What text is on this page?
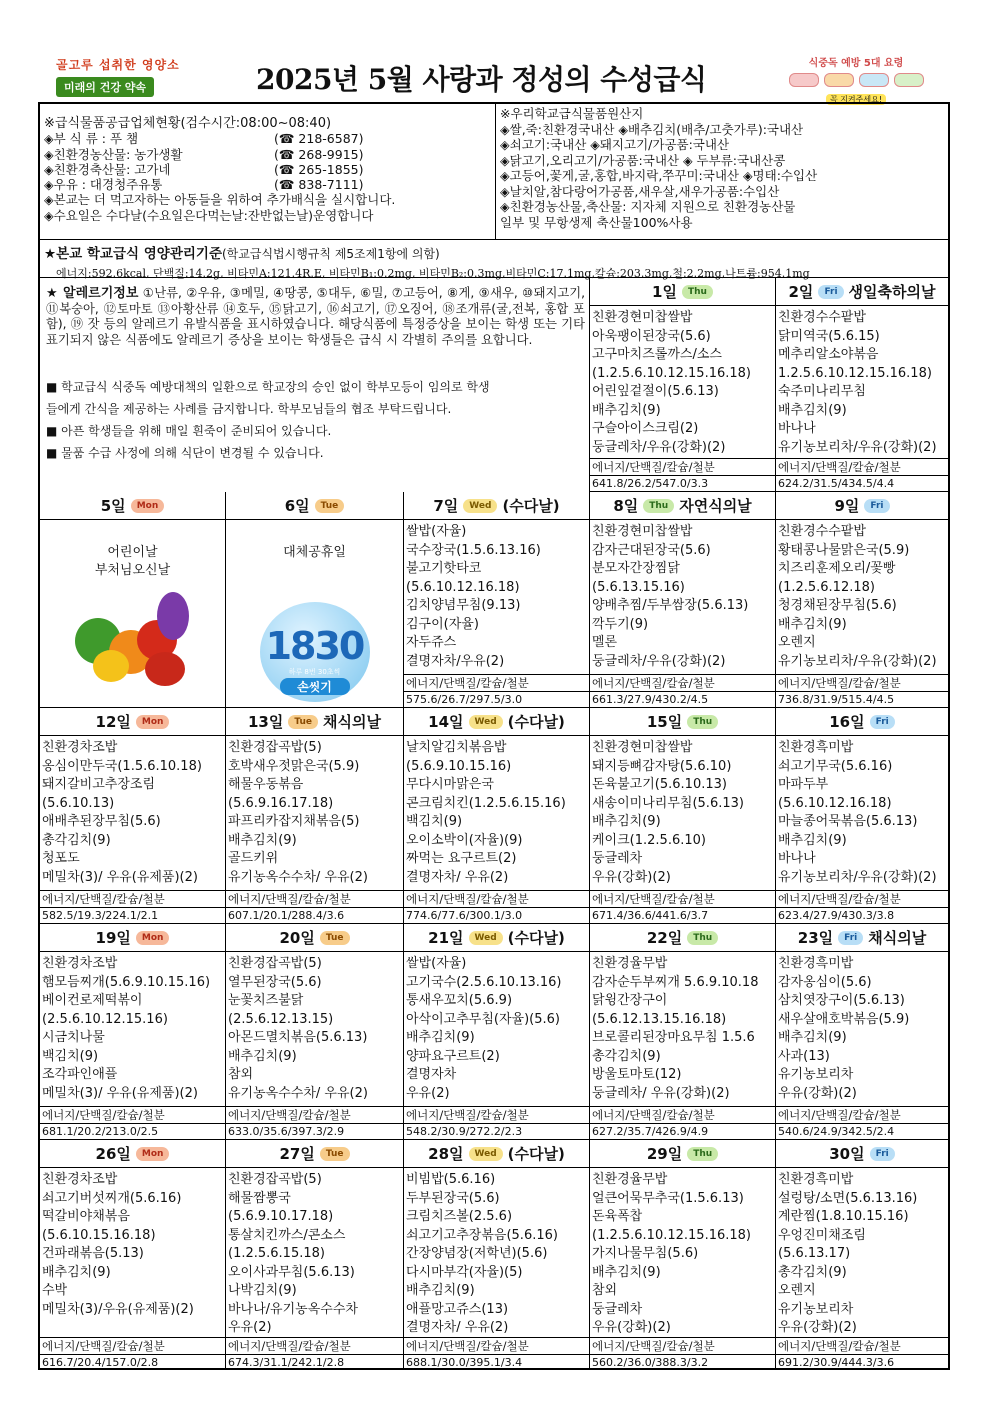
골고루 섭취한 영양소
미래의 건강 약속	2025년 5월 사랑과 정성의 수성급식	식중독 예방 5대 요령
꼭 지켜주세요!
※급식물품공급업체현황(검수시간:08:00~08:40)
◈부 식 류 : 푸 챔	(☎ 218-6587)
◈친환경농산물: 농가생활	(☎ 268-9915)
◈친환경축산물: 고가네	(☎ 265-1855)
◈우유 : 대경청주유통	(☎ 838-7111)
◈본교는 더 먹고자하는 아동들을 위하여 추가배식을 실시합니다.
◈수요일은 수다날(수요일은다먹는날:잔반없는날)운영합니다
※우리학교급식물품원산지
◈쌀,죽:친환경국내산 ◈배추김치(배추/고춧가루):국내산
◈쇠고기:국내산 ◈돼지고기/가공품:국내산
◈닭고기,오리고기/가공품:국내산 ◈ 두부류:국내산콩
◈고등어,꽃게,굴,홍합,바지락,쭈꾸미:국내산 ◈명태:수입산
◈날치알,참다랑어가공품,새우살,새우가공품:수입산
◈친환경농산물,축산물: 지자체 지원으로 친환경농산물
일부 및 무항생제 축산물100%사용
★본교 학교급식 영양관리기준(학교급식법시행규칙 제5조제1항에 의함)
에너지:592.6kcal, 단백질:14.2g, 비타민A:121.4R.E, 비타민B₁:0.2mg, 비타민B₂:0.3mg,비타민C:17.1mg,칼슘:203.3mg,철:2.2mg,나트륨:954.1mg
★ 알레르기정보 ①난류, ②우유, ③메밀, ④땅콩, ⑤대두, ⑥밀, ⑦고등어, ⑧게, ⑨새우, ⑩돼지고기, ⑪복숭아, ⑫토마토 ⑬아황산류 ⑭호두, ⑮닭고기, ⑯쇠고기, ⑰오징어, ⑱조개류(굴,전복, 홍합 포함), ⑲ 잣 등의 알레르기 유발식품을 표시하였습니다. 해당식품에 특정증상을 보이는 학생 또는 기타 표기되지 않은 식품에도 알레르기 증상을 보이는 학생들은 급식 시 각별히 주의를 요합니다.
■ 학교급식 식중독 예방대책의 일환으로 학교장의 승인 없이 학부모등이 임의로 학생
들에게 간식을 제공하는 사례를 금지합니다. 학부모님들의 협조 부탁드립니다.
■ 아픈 학생들을 위해 매일 흰죽이 준비되어 있습니다.
■ 물품 수급 사정에 의해 식단이 변경될 수 있습니다.
1일	Thu
친환경현미찹쌀밥
아욱팽이된장국(5.6)
고구마치즈롤까스/소스
(1.2.5.6.10.12.15.16.18)
어린잎겉절이(5.6.13)
배추김치(9)
구슬아이스크림(2)
둥글레차/우유(강화)(2)
에너지/단백질/칼슘/철분
641.8/26.2/547.0/3.3
2일	Fri 생일축하의날
친환경수수팥밥
닭미역국(5.6.15)
메추리알소야볶음
1.2.5.6.10.12.15.16.18)
숙주미나리무침
배추김치(9)
바나나
유기농보리차/우유(강화)(2)
에너지/단백질/칼슘/철분
624.2/31.5/434.5/4.4
5일	Mon
어린이날
부처님오신날
6일	Tue
대체공휴일
1830
하루 8번 30초씩
손씻기
7일	Wed (수다날)
쌀밥(자율)
국수장국(1.5.6.13.16)
불고기핫타코
(5.6.10.12.16.18)
김치양념무침(9.13)
김구이(자율)
자두쥬스
결명자차/우유(2)
에너지/단백질/칼슘/철분
575.6/26.7/297.5/3.0
8일	Thu 자연식의날
친환경현미찹쌀밥
감자근대된장국(5.6)
분모자간장찜닭
(5.6.13.15.16)
양배추찜/두부쌈장(5.6.13)
깍두기(9)
멜론
둥글레차/우유(강화)(2)
에너지/단백질/칼슘/철분
661.3/27.9/430.2/4.5
9일	Fri
친환경수수팥밥
황태콩나물맑은국(5.9)
치즈리훈제오리/꽃빵
(1.2.5.6.12.18)
청경채된장무침(5.6)
배추김치(9)
오렌지
유기농보리차/우유(강화)(2)
에너지/단백질/칼슘/철분
736.8/31.9/515.4/4.5
12일	Mon
친환경차조밥
옹심이만두국(1.5.6.10.18)
돼지갈비고추장조림
(5.6.10.13)
애배추된장무침(5.6)
총각김치(9)
청포도
메밀차(3)/ 우유(유제품)(2)
에너지/단백질/칼슘/철분
582.5/19.3/224.1/2.1
13일	Tue 채식의날
친환경잡곡밥(5)
호박새우젓맑은국(5.9)
해물우동볶음
(5.6.9.16.17.18)
파프리카잡지채볶음(5)
배추김치(9)
골드키위
유기농옥수수차/ 우유(2)
에너지/단백질/칼슘/철분
607.1/20.1/288.4/3.6
14일	Wed (수다날)
날치알김치볶음밥
(5.6.9.10.15.16)
무다시마맑은국
콘크림치킨(1.2.5.6.15.16)
백김치(9)
오이소박이(자율)(9)
짜먹는 요구르트(2)
결명자차/ 우유(2)
에너지/단백질/칼슘/철분
774.6/77.6/300.1/3.0
15일	Thu
친환경현미찹쌀밥
돼지등뼈감자탕(5.6.10)
돈육불고기(5.6.10.13)
새송이미나리무침(5.6.13)
배추김치(9)
케이크(1.2.5.6.10)
둥글레차
우유(강화)(2)
에너지/단백질/칼슘/철분
671.4/36.6/441.6/3.7
16일	Fri
친환경흑미밥
쇠고기무국(5.6.16)
마파두부
(5.6.10.12.16.18)
마늘종어묵볶음(5.6.13)
배추김치(9)
바나나
유기농보리차/우유(강화)(2)
에너지/단백질/칼슘/철분
623.4/27.9/430.3/3.8
19일	Mon
친환경차조밥
햄모듬찌개(5.6.9.10.15.16)
베이컨로제떡볶이
(2.5.6.10.12.15.16)
시금치나물
백김치(9)
조각파인애플
메밀차(3)/ 우유(유제품)(2)
에너지/단백질/칼슘/철분
681.1/20.2/213.0/2.5
20일	Tue
친환경잡곡밥(5)
열무된장국(5.6)
눈꽃치즈불닭
(2.5.6.12.13.15)
아몬드멸치볶음(5.6.13)
배추김치(9)
참외
유기농옥수수차/ 우유(2)
에너지/단백질/칼슘/철분
633.0/35.6/397.3/2.9
21일	Wed (수다날)
쌀밥(자율)
고기국수(2.5.6.10.13.16)
통새우꼬치(5.6.9)
아삭이고추무침(자율)(5.6)
배추김치(9)
양파요구르트(2)
결명자차
우유(2)
에너지/단백질/칼슘/철분
548.2/30.9/272.2/2.3
22일	Thu
친환경율무밥
감자순두부찌개 5.6.9.10.18
닭윙간장구이
(5.6.12.13.15.16.18)
브로콜리된장마요무침 1.5.6
총각김치(9)
방울토마토(12)
둥글레차/ 우유(강화)(2)
에너지/단백질/칼슘/철분
627.2/35.7/426.9/4.9
23일	Fri 채식의날
친환경흑미밥
감자옹심이(5.6)
삼치엿장구이(5.6.13)
새우살애호박볶음(5.9)
배추김치(9)
사과(13)
유기농보리차
우유(강화)(2)
에너지/단백질/칼슘/철분
540.6/24.9/342.5/2.4
26일	Mon
친환경차조밥
쇠고기버섯찌개(5.6.16)
떡갈비야채볶음
(5.6.10.15.16.18)
건파래볶음(5.13)
배추김치(9)
수박
메밀차(3)/우유(유제품)(2)
에너지/단백질/칼슘/철분
616.7/20.4/157.0/2.8
27일	Tue
친환경잡곡밥(5)
해물짬뽕국
(5.6.9.10.17.18)
통살치킨까스/콘소스
(1.2.5.6.15.18)
오이사과무침(5.6.13)
나박김치(9)
바나나/유기농옥수수차
우유(2)
에너지/단백질/칼슘/철분
674.3/31.1/242.1/2.8
28일	Wed (수다날)
비빔밥(5.6.16)
두부된장국(5.6)
크림치즈볼(2.5.6)
쇠고기고추장볶음(5.6.16)
간장양념장(저학년)(5.6)
다시마부각(자율)(5)
배추김치(9)
애플망고쥬스(13)
결명자차/ 우유(2)
에너지/단백질/칼슘/철분
688.1/30.0/395.1/3.4
29일	Thu
친환경율무밥
얼큰어묵무추국(1.5.6.13)
돈육폭찹
(1.2.5.6.10.12.15.16.18)
가지나물무침(5.6)
배추김치(9)
참외
둥글레차
우유(강화)(2)
에너지/단백질/칼슘/철분
560.2/36.0/388.3/3.2
30일	Fri
친환경흑미밥
설렁탕/소면(5.6.13.16)
계란찜(1.8.10.15.16)
우엉진미채조림
(5.6.13.17)
총각김치(9)
오렌지
유기농보리차
우유(강화)(2)
에너지/단백질/칼슘/철분
691.2/30.9/444.3/3.6
